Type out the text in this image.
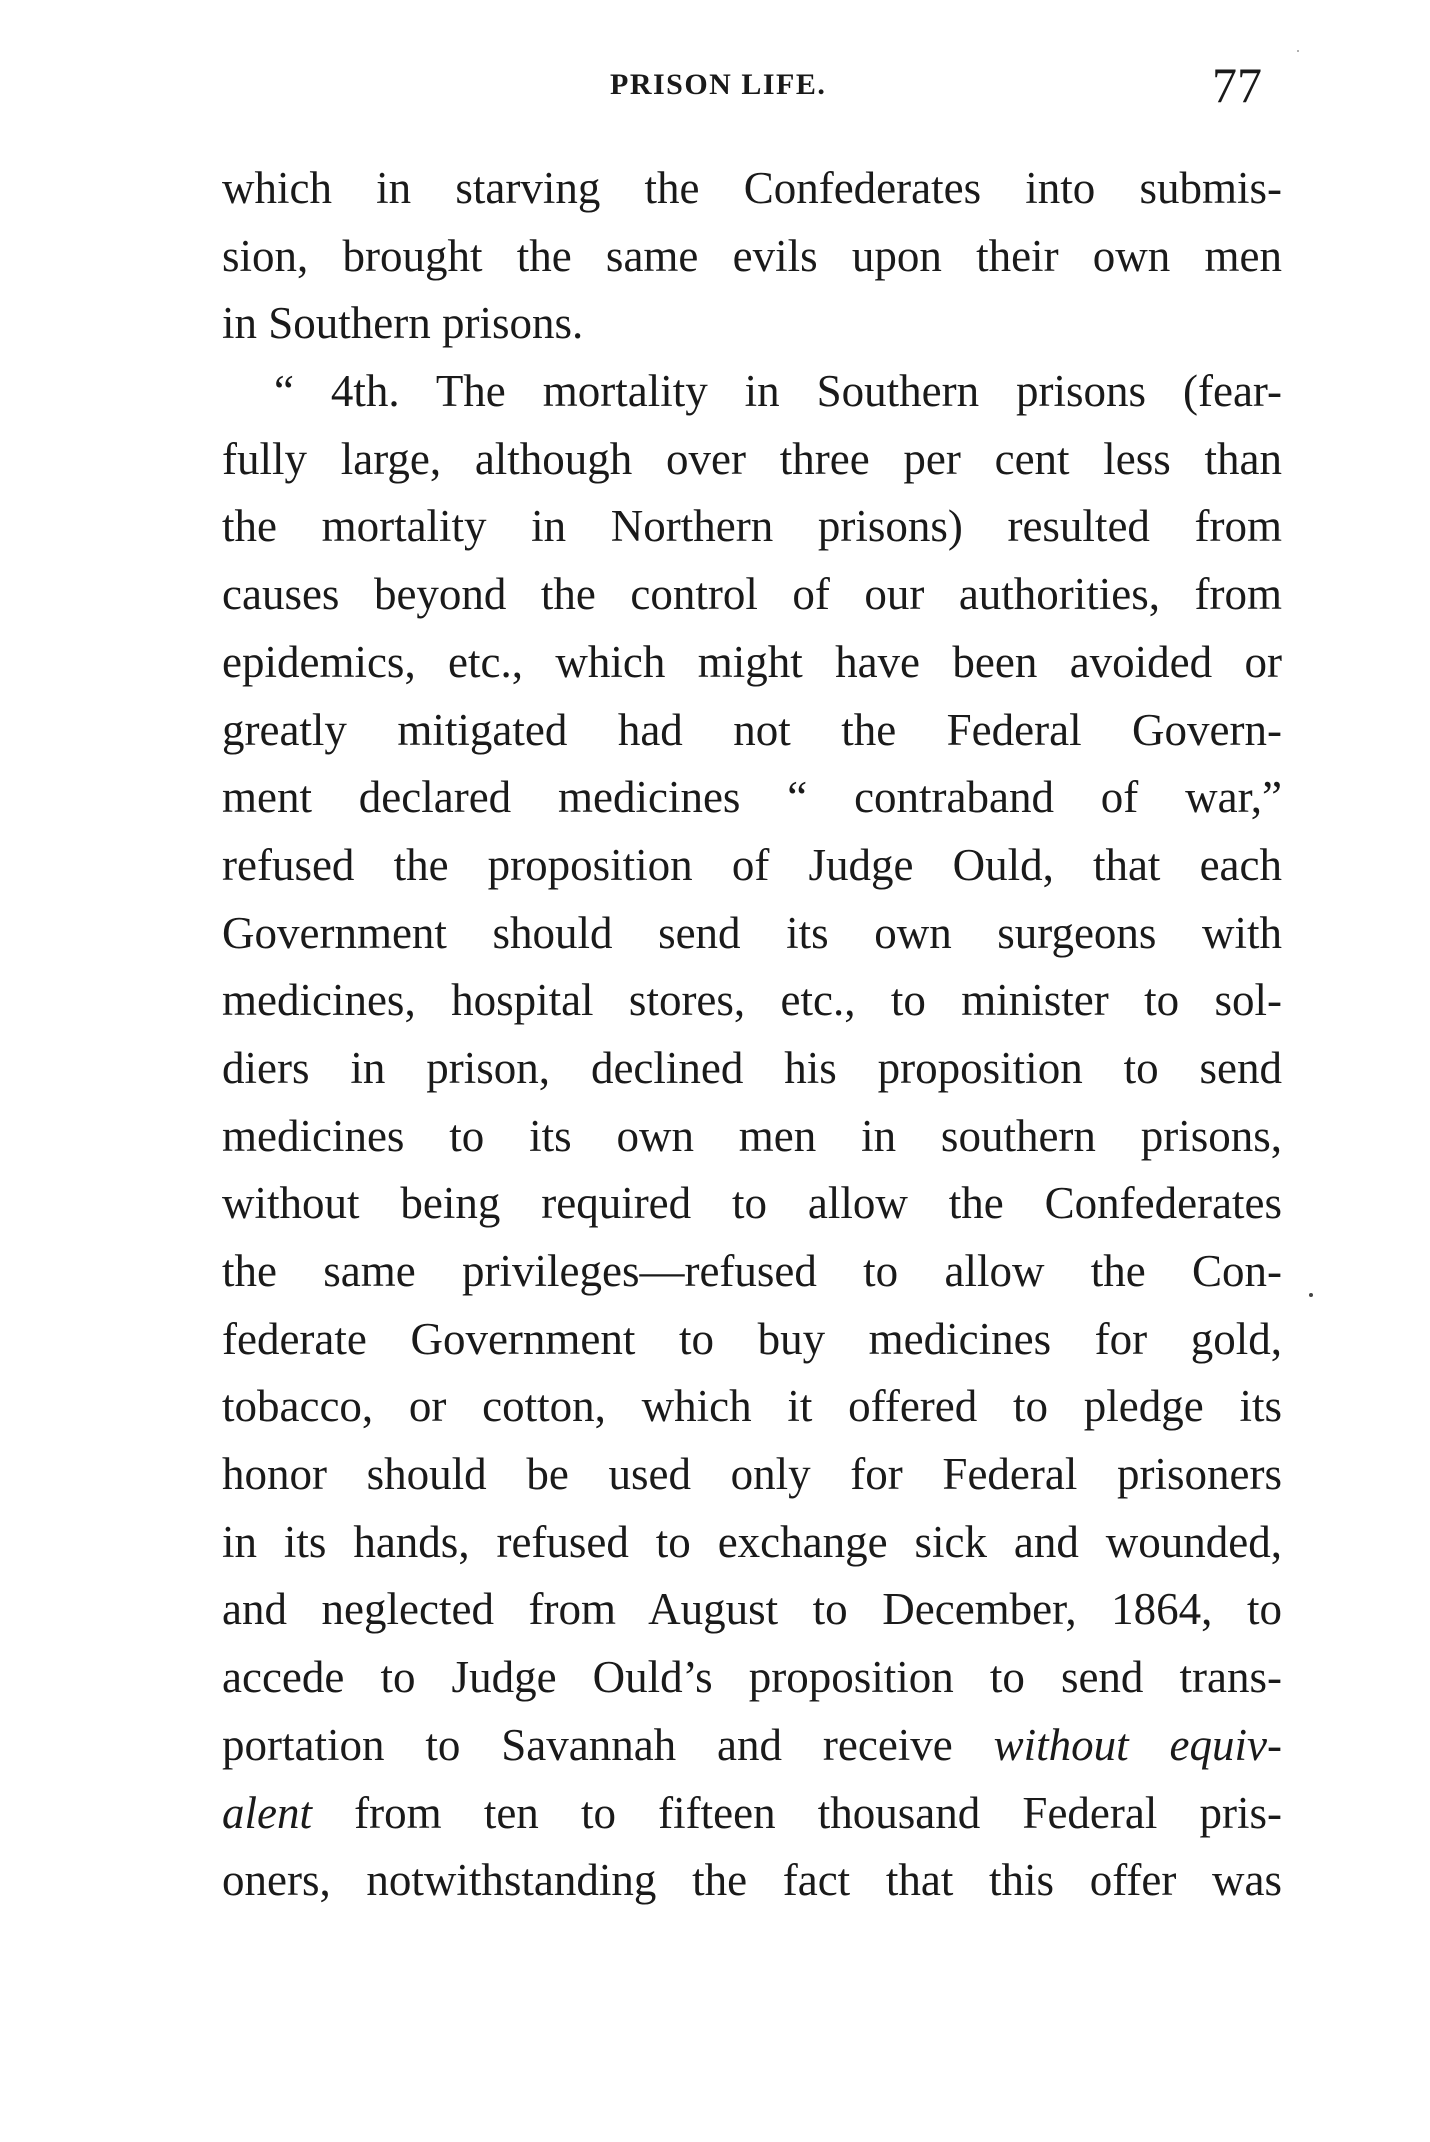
PRISON LIFE.	77
which in starving the Confederates into submis-
sion, brought the same evils upon their own men
in Southern prisons.
“ 4th. The mortality in Southern prisons (fear-
fully large, although over three per cent less than
the mortality in Northern prisons) resulted from
causes beyond the control of our authorities, from
epidemics, etc., which might have been avoided or
greatly mitigated had not the Federal Govern-
ment declared medicines “ contraband of war,”
refused the proposition of Judge Ould, that each
Government should send its own surgeons with
medicines, hospital stores, etc., to minister to sol-
diers in prison, declined his proposition to send
medicines to its own men in southern prisons,
without being required to allow the Confederates
the same privileges—refused to allow the Con-
federate Government to buy medicines for gold,
tobacco, or cotton, which it offered to pledge its
honor should be used only for Federal prisoners
in its hands, refused to exchange sick and wounded,
and neglected from August to December, 1864, to
accede to Judge Ould’s proposition to send trans-
portation to Savannah and receive without equiv-
alent from ten to fifteen thousand Federal pris-
oners, notwithstanding the fact that this offer was
